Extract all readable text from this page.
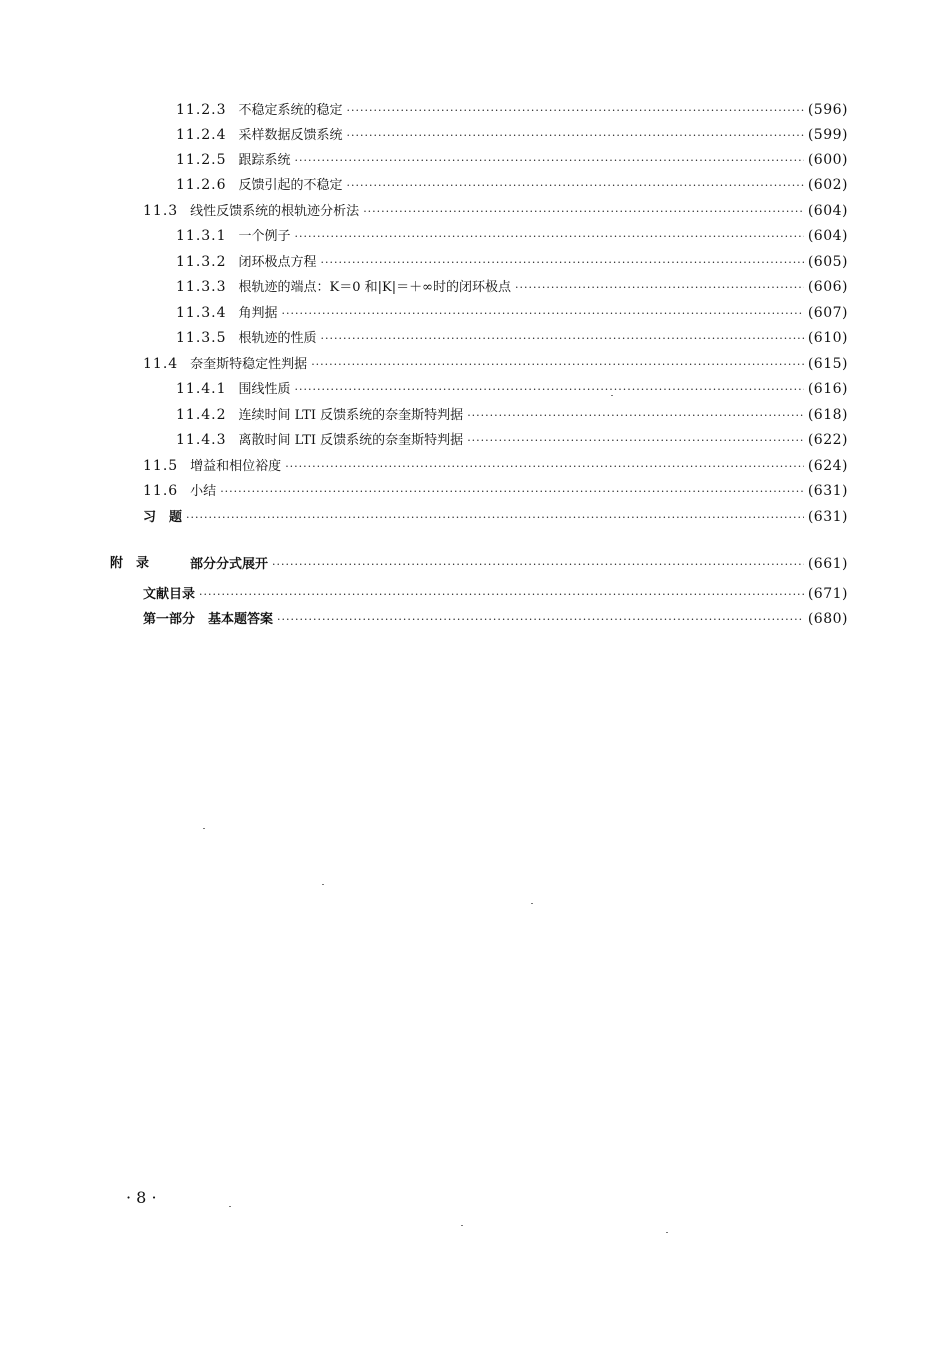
11.2.3 不稳定系统的稳定 ·····	(596)
11.2.4 采样数据反馈系统 ·····	(599)
11.2.5 跟踪系统 ·····	(600)
11.2.6 反馈引起的不稳定 ·····	(602)
11.3 线性反馈系统的根轨迹分析法 ·····	(604)
11.3.1 一个例子 ·····	(604)
11.3.2 闭环极点方程 ·····	(605)
11.3.3 根轨迹的端点：K＝0 和|K|＝＋∞时的闭环极点 ·····	(606)
11.3.4 角判据 ·····	(607)
11.3.5 根轨迹的性质 ·····	(610)
11.4 奈奎斯特稳定性判据 ·····	(615)
11.4.1 围线性质 ·····	(616)
11.4.2 连续时间 LTI 反馈系统的奈奎斯特判据 ·····	(618)
11.4.3 离散时间 LTI 反馈系统的奈奎斯特判据 ·····	(622)
11.5 增益和相位裕度 ·····	(624)
11.6 小结 ·····	(631)
习　题 ·····	(631)
附　录	部分分式展开 ·····	(661)
文献目录 ·····	(671)
第一部分　基本题答案 ·····	(680)
· 8 ·
